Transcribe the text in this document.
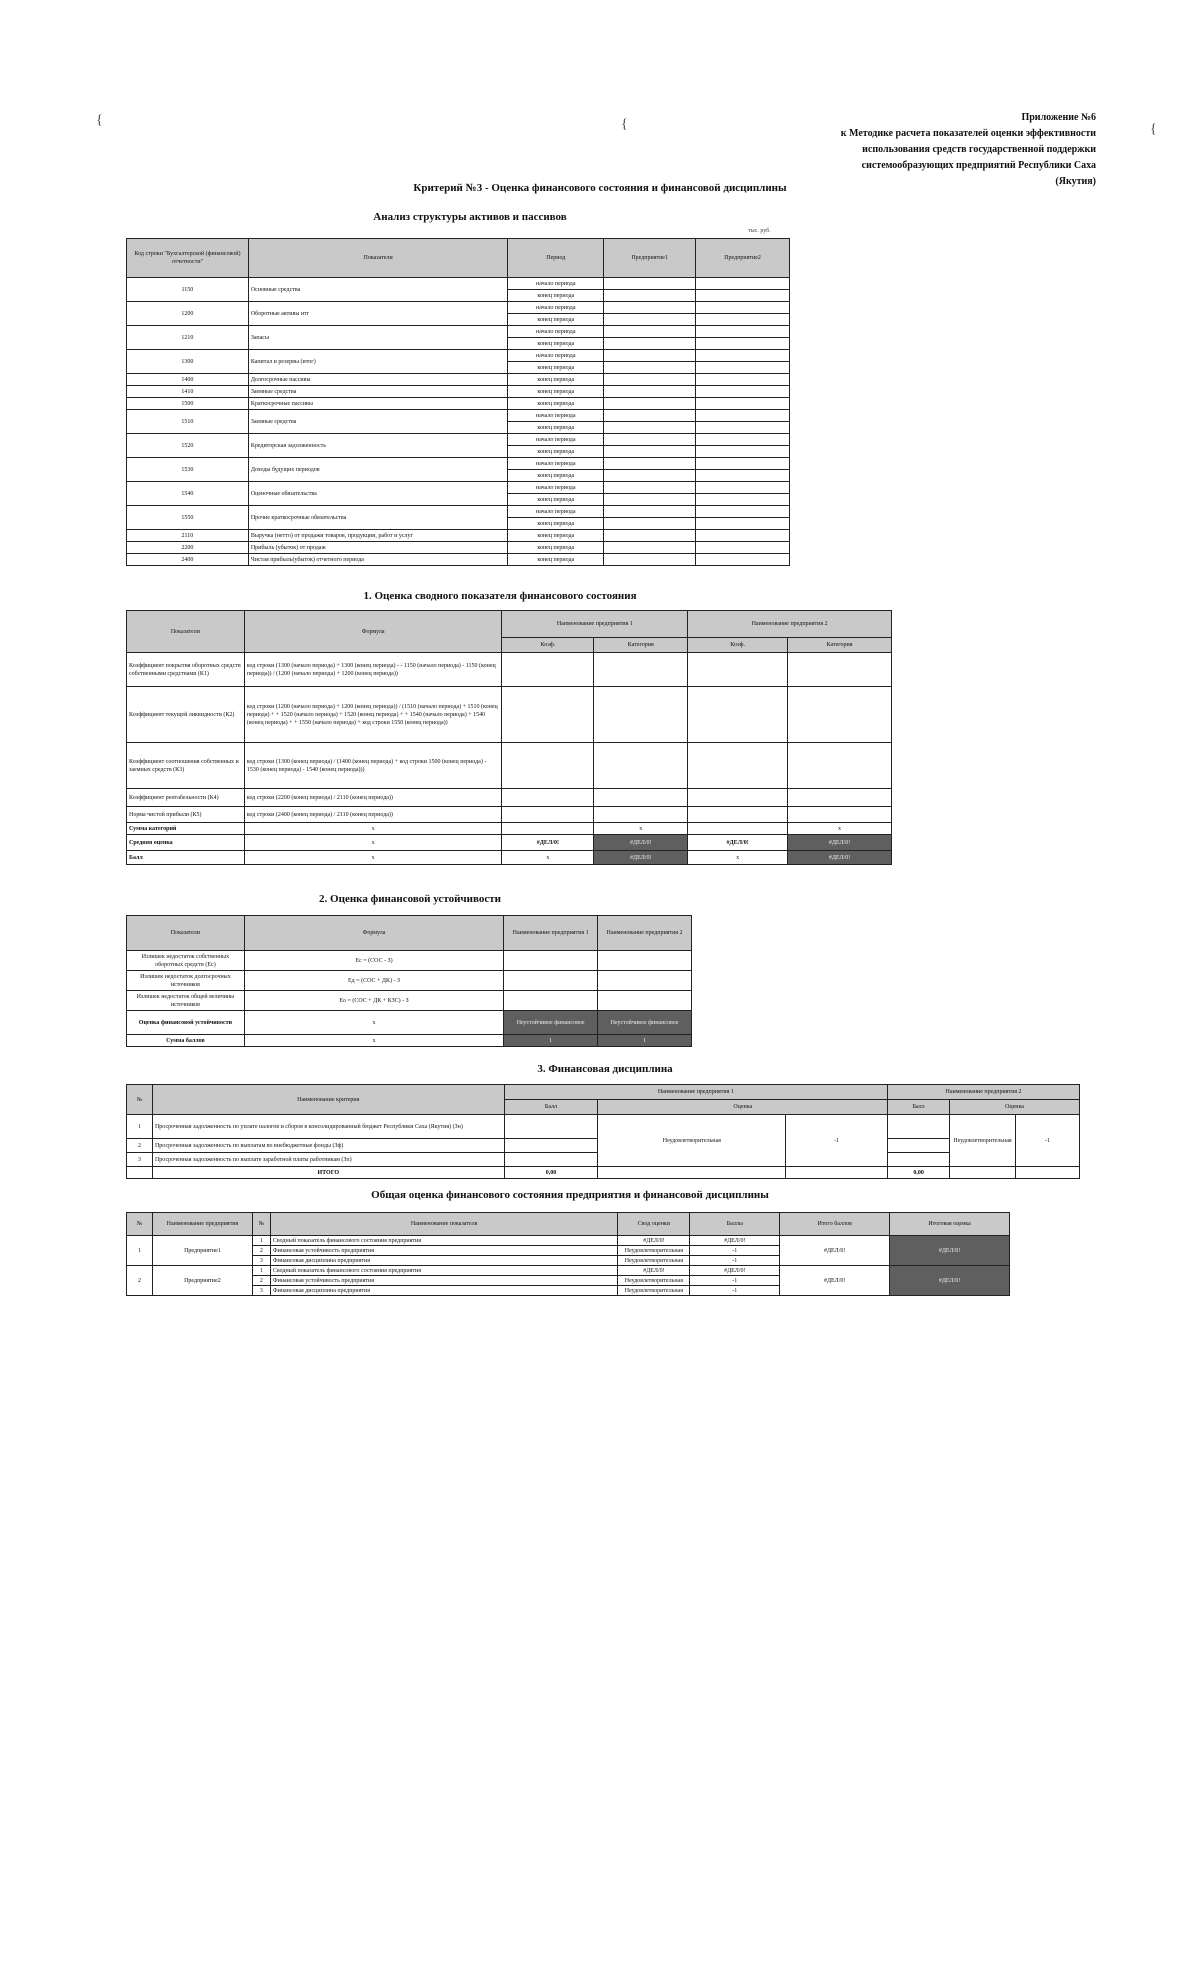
{	{	{
Приложение №6
к Методике расчета показателей оценки эффективности
использования средств государственной поддержки
системообразующих предприятий Республики Саха
(Якутия)
Критерий №3 - Оценка финансового состояния и финансовой дисциплины
Анализ структуры активов и пассивов
тыс. руб.
Код строки "Бухгалтерской (финансовой) отчетности"	Показатели	Период	Предприятие1	Предприятие2
1150	Основные средства	начало периода		
		конец периода		
1200	Оборотные активы итг	начало периода		
		конец периода		
1210	Запасы	начало периода		
		конец периода		
1300	Капитал и резервы (итог)	начало периода		
		конец периода		
1400	Долгосрочные пассивы	конец периода		
1410	Заемные средства	конец периода		
1500	Краткосрочные пассивы	конец периода		
1510	Заемные средства	начало периода		
		конец периода		
1520	Кредиторская задолженность	начало периода		
		конец периода		
1530	Доходы будущих периодов	начало периода		
		конец периода		
1540	Оценочные обязательства	начало периода		
		конец периода		
1550	Прочие краткосрочные обязательства	начало периода		
		конец периода		
2110	Выручка (нетто) от продажи товаров, продукции, работ и услуг	конец периода		
2200	Прибыль (убыток) от продаж	конец периода		
2400	Чистая прибыль(убыток) отчетного периода	конец периода		
1. Оценка сводного показателя финансового состояния
Показатели	Формула	Наименование предприятия 1		Наименование предприятия 2	
		Коэф.	Категория	Коэф.	Категория
Коэффициент покрытия оборотных средств собственными средствами (К1)	код строки (1300 (начало периода) + 1300 (конец периода) - - 1150 (начало периода) - 1150 (конец периода)) / (1200 (начало периода) + 1200 (конец периода))				
Коэффициент текущей ликвидности (К2)	код строки (1200 (начало периода) + 1200 (конец периода)) / (1510 (начало периода) + 1510 (конец периода) + + 1520 (начало периода) + 1520 (конец периода) + + 1540 (начало периода) + 1540 (конец периода) + + 1550 (начало периода) + код строки 1550 (конец периода))				
Коэффициент соотношения собственных и заемных средств (К3)	код строки (1300 (конец периода) / (1400 (конец периода) + код строки 1500 (конец периода) - 1530 (конец периода) - 1540 (конец периода)))				
Коэффициент рентабельности (К4)	код строки (2200 (конец периода) / 2110 (конец периода))				
Норма чистой прибыли (К5)	код строки (2400 (конец периода) / 2110 (конец периода))				
Сумма категорий	х		х		х
Средняя оценка	х	#ДЕЛ/0!	#ДЕЛ/0!	#ДЕЛ/0!	#ДЕЛ/0!
Балл	х	х	#ДЕЛ/0!	х	#ДЕЛ/0!
2. Оценка финансовой устойчивости
Показатели	Формула	Наименование предприятия 1	Наименование предприятия 2
Излишек недостаток собственных оборотных средств (Ес)	Ес = (СОС - З)		
Излишек недостаток долгосрочных источников	Ед = (СОС + ДК) - З		
Излишек недостаток общей величины источников	Ео = (СОС + ДК + КЗС) - З		
Оценка финансовой устойчивости	х	Неустойчивое финансовое	Неустойчивое финансовое
Сумма баллов	х	1	1
3. Финансовая дисциплина
№	Наименование критерия	Наименование предприятия 1			Наименование предприятия 2		
		Балл	Оценка		Балл	Оценка	
1	Просроченная задолженность по уплате налогов и сборов в консолидированный бюджет Республики Саха (Якутия) (Зн)		Неудовлетворительная	-1		Неудовлетворительная	-1
2	Просроченная задолженность по выплатам во внебюджетные фонды (Зф)						
3	Просроченная задолженность по выплате заработной платы работникам (Зп)						
	ИТОГО	0,00			0,00		
Общая оценка финансового состояния предприятия и финансовой дисциплины
№	Наименование предприятия	№	Наименование показателя	Свод оценки	Баллы	Итого баллов	Итоговая оценка
1	Предприятие1	1	Сводный показатель финансового состояния предприятия	#ДЕЛ/0!	#ДЕЛ/0!	#ДЕЛ/0!	#ДЕЛ/0!
		2	Финансовая устойчивость предприятия	Неудовлетворительная	-1		
		3	Финансовая дисциплина предприятия	Неудовлетворительная	-1		
2	Предприятие2	1	Сводный показатель финансового состояния предприятия	#ДЕЛ/0!	#ДЕЛ/0!	#ДЕЛ/0!	#ДЕЛ/0!
		2	Финансовая устойчивость предприятия	Неудовлетворительная	-1		
		3	Финансовая дисциплина предприятия	Неудовлетворительная	-1		
